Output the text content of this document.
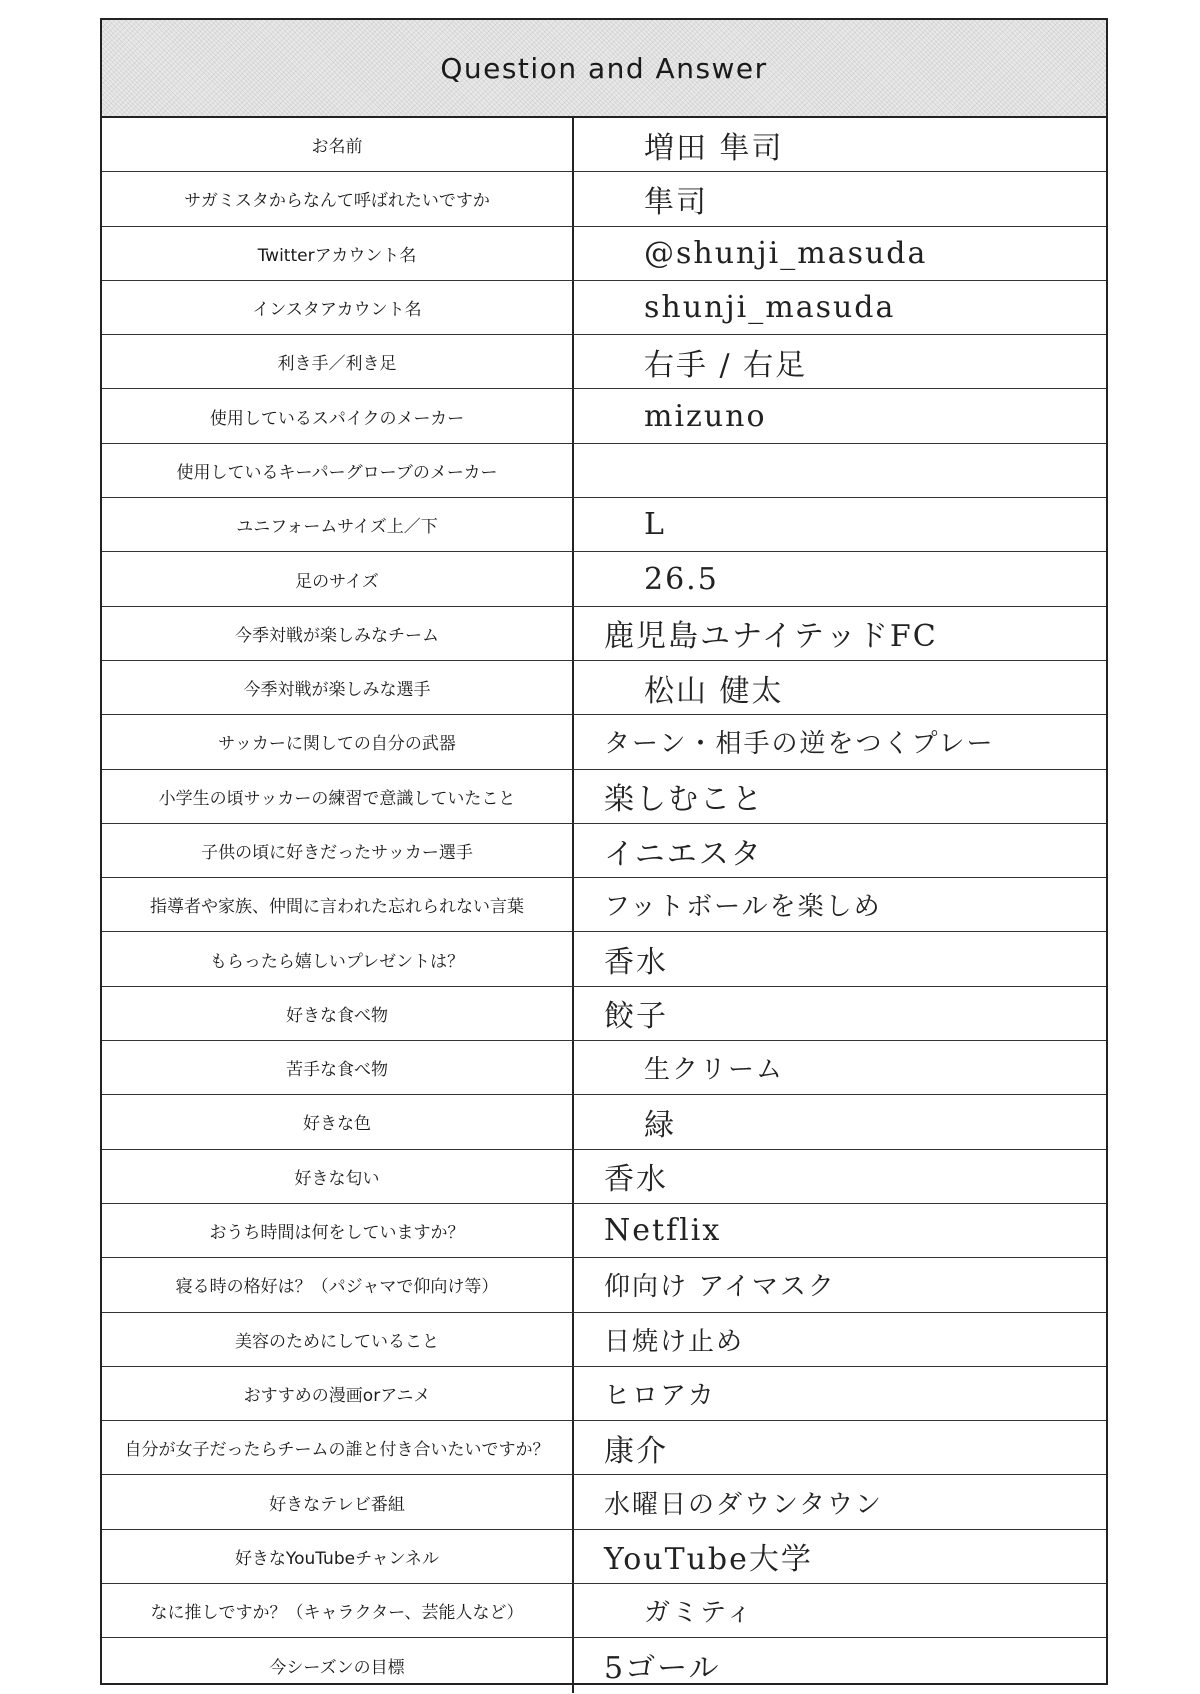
Question and Answer
お名前	増田 隼司
サガミスタからなんて呼ばれたいですか	隼司
Twitterアカウント名	@shunji_masuda
インスタアカウント名	shunji_masuda
利き手／利き足	右手 / 右足
使用しているスパイクのメーカー	mizuno
使用しているキーパーグローブのメーカー
ユニフォームサイズ上／下	L
足のサイズ	26.5
今季対戦が楽しみなチーム	鹿児島ユナイテッドFC
今季対戦が楽しみな選手	松山 健太
サッカーに関しての自分の武器	ターン・相手の逆をつくプレー
小学生の頃サッカーの練習で意識していたこと	楽しむこと
子供の頃に好きだったサッカー選手	イニエスタ
指導者や家族、仲間に言われた忘れられない言葉	フットボールを楽しめ
もらったら嬉しいプレゼントは？	香水
好きな食べ物	餃子
苦手な食べ物	生クリーム
好きな色	緑
好きな匂い	香水
おうち時間は何をしていますか？	Netflix
寝る時の格好は？（パジャマで仰向け等）	仰向け アイマスク
美容のためにしていること	日焼け止め
おすすめの漫画orアニメ	ヒロアカ
自分が女子だったらチームの誰と付き合いたいですか？	康介
好きなテレビ番組	水曜日のダウンタウン
好きなYouTubeチャンネル	YouTube大学
なに推しですか？（キャラクター、芸能人など）	ガミティ
今シーズンの目標	5ゴール
